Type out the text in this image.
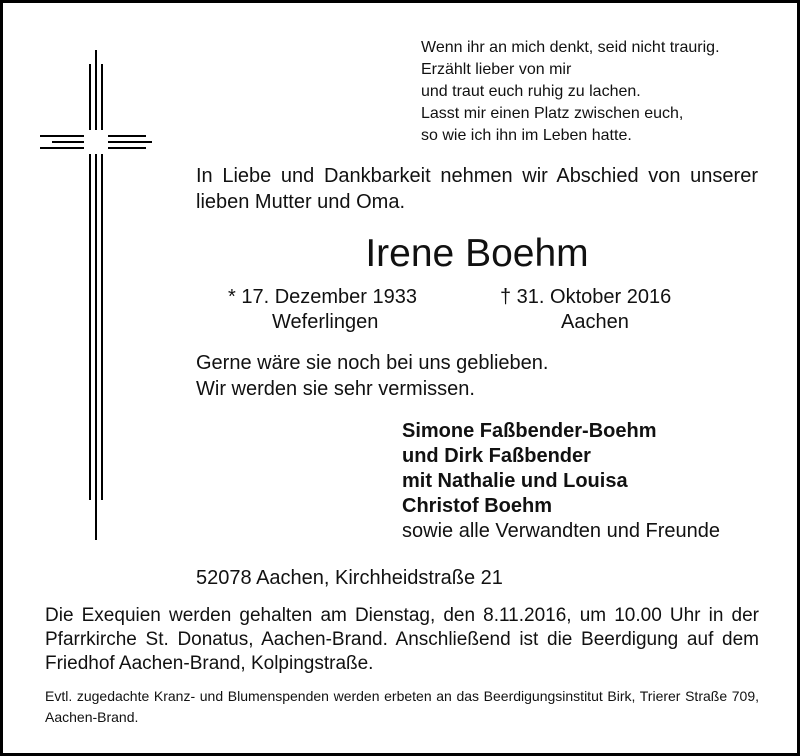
Wenn ihr an mich denkt, seid nicht traurig.
Erzählt lieber von mir
und traut euch ruhig zu lachen.
Lasst mir einen Platz zwischen euch,
so wie ich ihn im Leben hatte.
In Liebe und Dankbarkeit nehmen wir Abschied von unserer lieben Mutter und Oma.
Irene Boehm
* 17. Dezember 1933
Weferlingen
† 31. Oktober 2016
Aachen
Gerne wäre sie noch bei uns geblieben.
Wir werden sie sehr vermissen.
Simone Faßbender-Boehm
und Dirk Faßbender
mit Nathalie und Louisa
Christof Boehm
sowie alle Verwandten und Freunde
52078 Aachen, Kirchheidstraße 21
Die Exequien werden gehalten am Dienstag, den 8.11.2016, um 10.00 Uhr in der Pfarrkirche St. Donatus, Aachen-Brand. Anschließend ist die Beerdigung auf dem Friedhof Aachen-Brand, Kolpingstraße.
Evtl. zugedachte Kranz- und Blumenspenden werden erbeten an das Beerdigungsinstitut Birk, Trierer Straße 709, Aachen-Brand.
